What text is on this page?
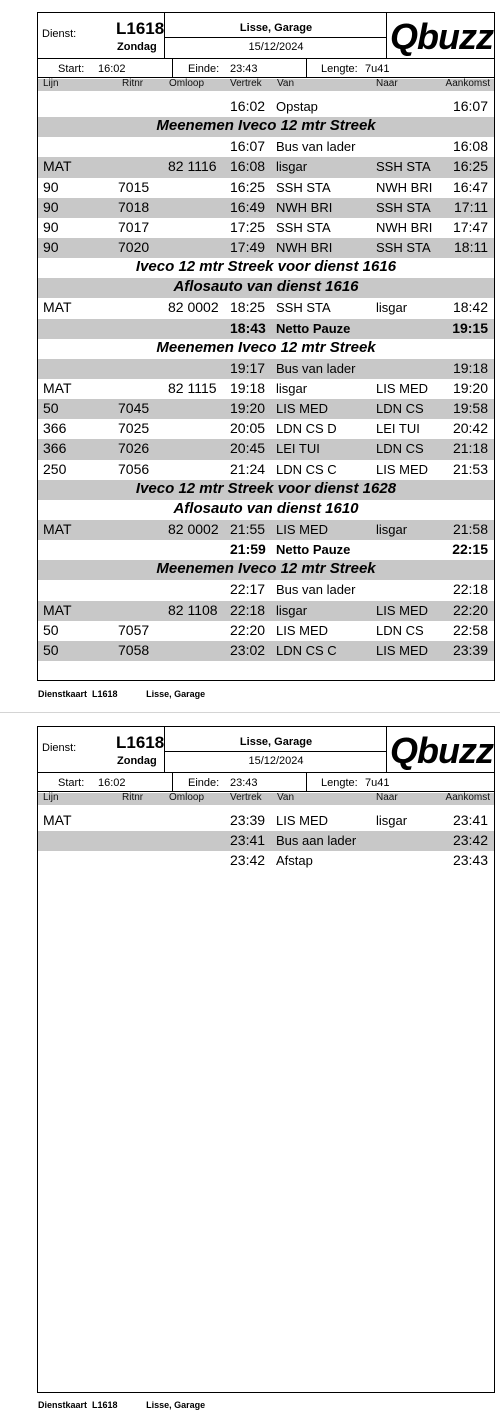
Dienst: L1618
Zondag
Lisse, Garage
15/12/2024	Qbuzz
Start: 16:02	Einde: 23:43	Lengte: 7u41
Lijn	Ritnr	Omloop	Vertrek Van	Naar	Aankomst
16:02 Opstap	16:07
Meenemen Iveco 12 mtr Streek
16:07 Bus van lader	16:08
MAT	82 1116 16:08 lisgar	SSH STA 16:25
90	7015	16:25 SSH STA	NWH BRI 16:47
90	7018	16:49 NWH BRI	SSH STA 17:11
90	7017	17:25 SSH STA	NWH BRI 17:47
90	7020	17:49 NWH BRI	SSH STA 18:11
Iveco 12 mtr Streek voor dienst 1616
Aflosauto van dienst 1616
MAT	82 0002 18:25 SSH STA	lisgar	18:42
18:43 Netto Pauze	19:15
Meenemen Iveco 12 mtr Streek
19:17 Bus van lader	19:18
MAT	82 1115 19:18 lisgar	LIS MED 19:20
50	7045	19:20 LIS MED	LDN CS 19:58
366	7025	20:05 LDN CS D	LEI TUI 20:42
366	7026	20:45 LEI TUI	LDN CS 21:18
250	7056	21:24 LDN CS C	LIS MED 21:53
Iveco 12 mtr Streek voor dienst 1628
Aflosauto van dienst 1610
MAT	82 0002 21:55 LIS MED	lisgar	21:58
21:59 Netto Pauze	22:15
Meenemen Iveco 12 mtr Streek
22:17 Bus van lader	22:18
MAT	82 1108 22:18 lisgar	LIS MED 22:20
50	7057	22:20 LIS MED	LDN CS 22:58
50	7058	23:02 LDN CS C	LIS MED 23:39
Dienstkaart L1618	Lisse, Garage
Dienst: L1618
Zondag
Lisse, Garage
15/12/2024	Qbuzz
Start: 16:02	Einde: 23:43	Lengte: 7u41
Lijn	Ritnr	Omloop	Vertrek Van	Naar	Aankomst
MAT	23:39 LIS MED	lisgar	23:41
23:41 Bus aan lader	23:42
23:42 Afstap	23:43
Dienstkaart L1618	Lisse, Garage
